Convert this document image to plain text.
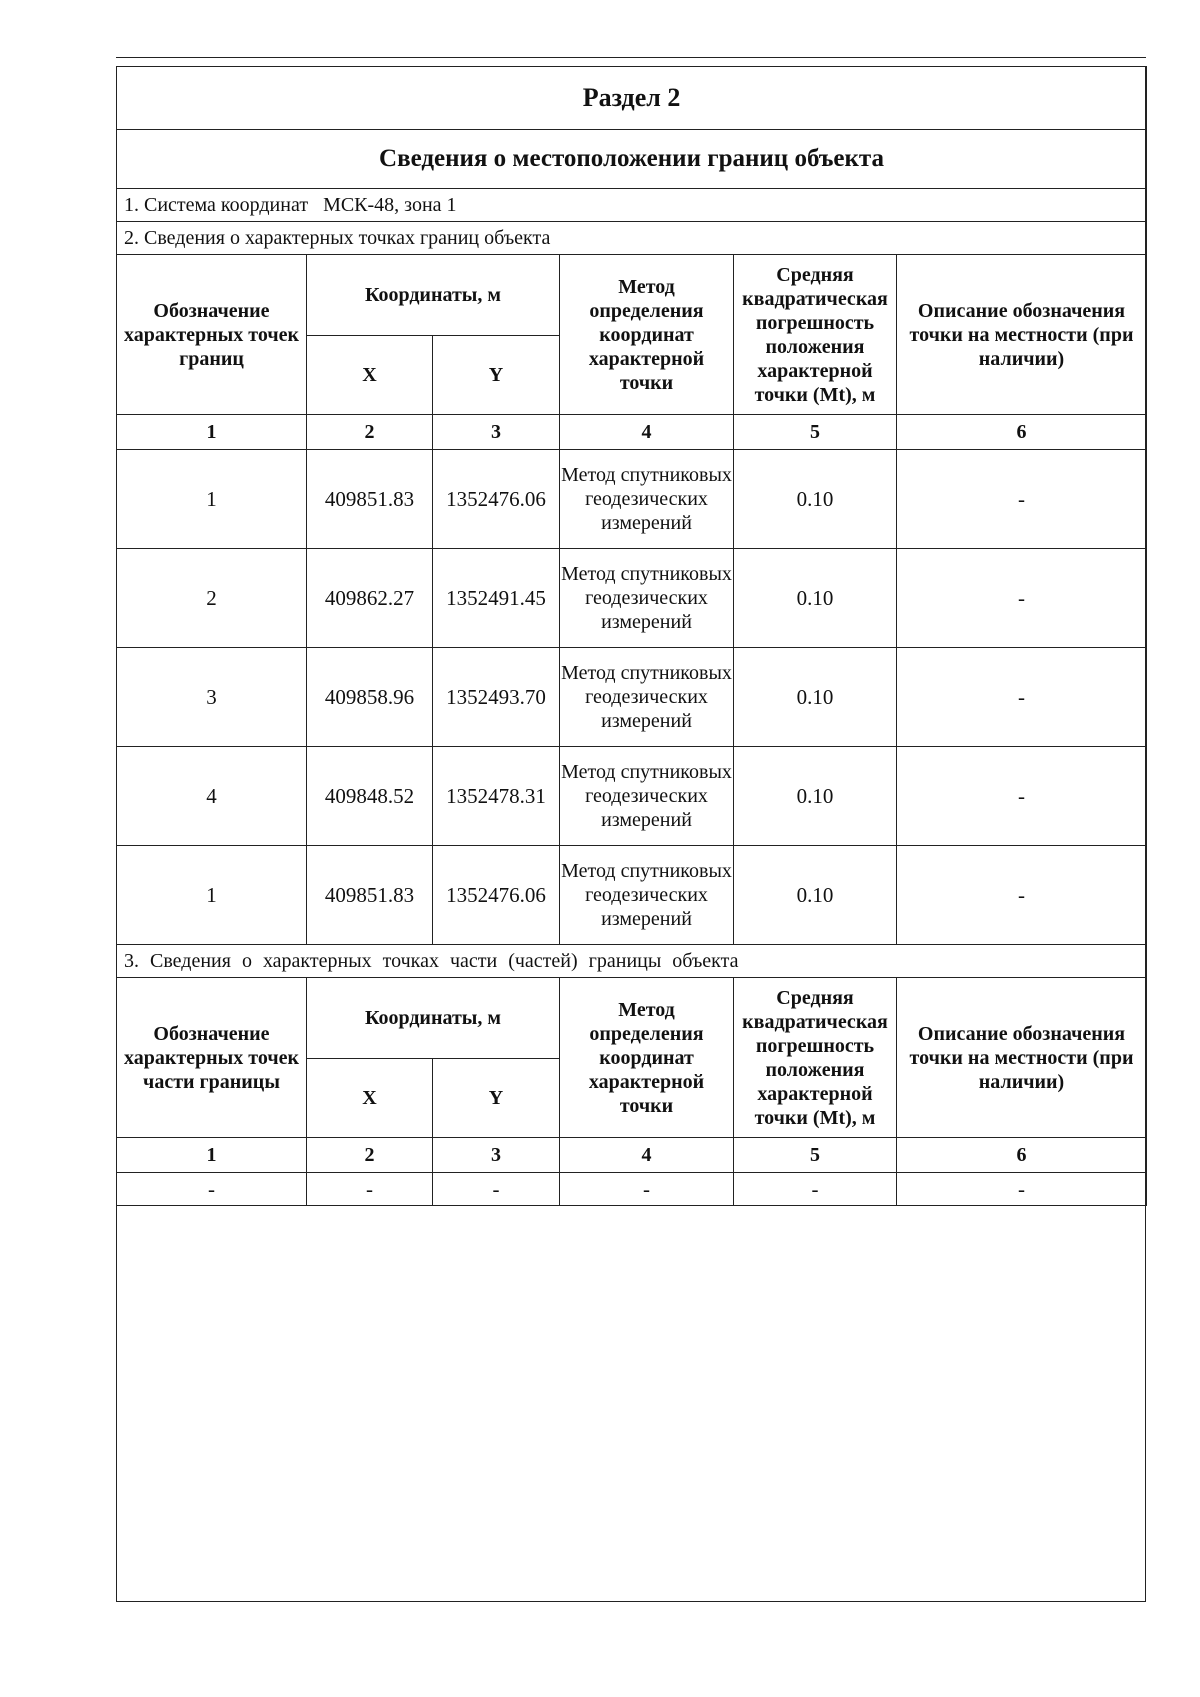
Раздел 2					
Сведения о местоположении границ объекта					
1. Система координат МСК-48, зона 1					
2. Сведения о характерных точках границ объекта					
Обозначение характерных точек границ	Координаты, м		Метод определения координат характерной точки	Средняя квадратическая погрешность положения характерной точки (Mt), м	Описание обозначения точки на местности (при наличии)
	X	Y			
1	2	3	4	5	6
1	409851.83	1352476.06	Метод спутниковых геодезических измерений	0.10	-
2	409862.27	1352491.45	Метод спутниковых геодезических измерений	0.10	-
3	409858.96	1352493.70	Метод спутниковых геодезических измерений	0.10	-
4	409848.52	1352478.31	Метод спутниковых геодезических измерений	0.10	-
1	409851.83	1352476.06	Метод спутниковых геодезических измерений	0.10	-
3. Сведения о характерных точках части (частей) границы объекта					
Обозначение характерных точек части границы	Координаты, м		Метод определения координат характерной точки	Средняя квадратическая погрешность положения характерной точки (Mt), м	Описание обозначения точки на местности (при наличии)
	X	Y			
1	2	3	4	5	6
-	-	-	-	-	-
